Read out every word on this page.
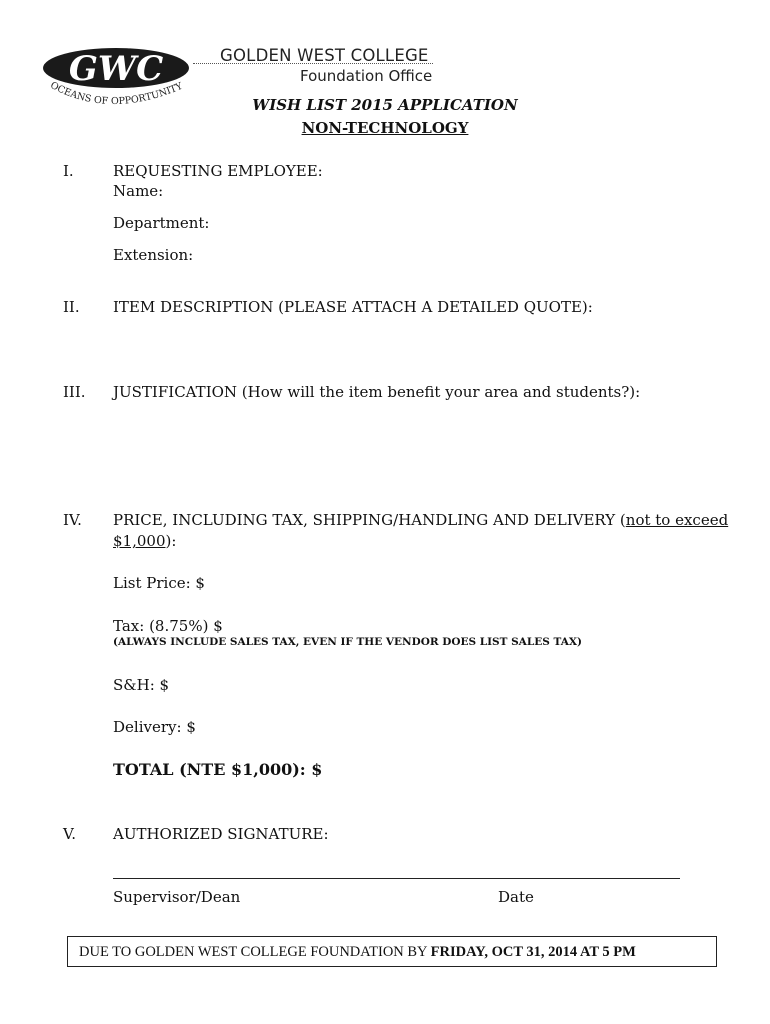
GWC
OCEANS OF OPPORTUNITY
GOLDEN WEST COLLEGE
Foundation Office
WISH LIST 2015 APPLICATION
NON-TECHNOLOGY
I.	REQUESTING EMPLOYEE:
Name:
Department:
Extension:
II. ITEM DESCRIPTION (PLEASE ATTACH A DETAILED QUOTE):
III. JUSTIFICATION (How will the item benefit your area and students?):
IV. PRICE, INCLUDING TAX, SHIPPING/HANDLING AND DELIVERY (not to exceed
$1,000):
List Price: $
Tax: (8.75%) $
(ALWAYS INCLUDE SALES TAX, EVEN IF THE VENDOR DOES LIST SALES TAX)
S&H: $
Delivery: $
TOTAL (NTE $1,000): $
V. AUTHORIZED SIGNATURE:
Supervisor/Dean	Date
DUE TO GOLDEN WEST COLLEGE FOUNDATION BY FRIDAY, OCT 31, 2014 AT 5 PM
